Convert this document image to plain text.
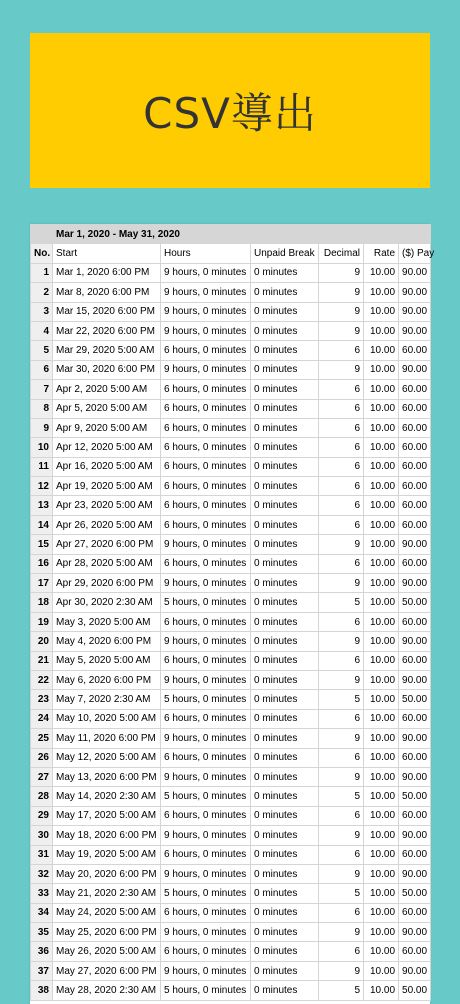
CSV導出
	Mar 1, 2020 - May 31, 2020					
No.	Start	Hours	Unpaid Break	Decimal	Rate	($) Pay
1	Mar 1, 2020 6:00 PM	9 hours, 0 minutes	0 minutes	9	10.00	90.00
2	Mar 8, 2020 6:00 PM	9 hours, 0 minutes	0 minutes	9	10.00	90.00
3	Mar 15, 2020 6:00 PM	9 hours, 0 minutes	0 minutes	9	10.00	90.00
4	Mar 22, 2020 6:00 PM	9 hours, 0 minutes	0 minutes	9	10.00	90.00
5	Mar 29, 2020 5:00 AM	6 hours, 0 minutes	0 minutes	6	10.00	60.00
6	Mar 30, 2020 6:00 PM	9 hours, 0 minutes	0 minutes	9	10.00	90.00
7	Apr 2, 2020 5:00 AM	6 hours, 0 minutes	0 minutes	6	10.00	60.00
8	Apr 5, 2020 5:00 AM	6 hours, 0 minutes	0 minutes	6	10.00	60.00
9	Apr 9, 2020 5:00 AM	6 hours, 0 minutes	0 minutes	6	10.00	60.00
10	Apr 12, 2020 5:00 AM	6 hours, 0 minutes	0 minutes	6	10.00	60.00
11	Apr 16, 2020 5:00 AM	6 hours, 0 minutes	0 minutes	6	10.00	60.00
12	Apr 19, 2020 5:00 AM	6 hours, 0 minutes	0 minutes	6	10.00	60.00
13	Apr 23, 2020 5:00 AM	6 hours, 0 minutes	0 minutes	6	10.00	60.00
14	Apr 26, 2020 5:00 AM	6 hours, 0 minutes	0 minutes	6	10.00	60.00
15	Apr 27, 2020 6:00 PM	9 hours, 0 minutes	0 minutes	9	10.00	90.00
16	Apr 28, 2020 5:00 AM	6 hours, 0 minutes	0 minutes	6	10.00	60.00
17	Apr 29, 2020 6:00 PM	9 hours, 0 minutes	0 minutes	9	10.00	90.00
18	Apr 30, 2020 2:30 AM	5 hours, 0 minutes	0 minutes	5	10.00	50.00
19	May 3, 2020 5:00 AM	6 hours, 0 minutes	0 minutes	6	10.00	60.00
20	May 4, 2020 6:00 PM	9 hours, 0 minutes	0 minutes	9	10.00	90.00
21	May 5, 2020 5:00 AM	6 hours, 0 minutes	0 minutes	6	10.00	60.00
22	May 6, 2020 6:00 PM	9 hours, 0 minutes	0 minutes	9	10.00	90.00
23	May 7, 2020 2:30 AM	5 hours, 0 minutes	0 minutes	5	10.00	50.00
24	May 10, 2020 5:00 AM	6 hours, 0 minutes	0 minutes	6	10.00	60.00
25	May 11, 2020 6:00 PM	9 hours, 0 minutes	0 minutes	9	10.00	90.00
26	May 12, 2020 5:00 AM	6 hours, 0 minutes	0 minutes	6	10.00	60.00
27	May 13, 2020 6:00 PM	9 hours, 0 minutes	0 minutes	9	10.00	90.00
28	May 14, 2020 2:30 AM	5 hours, 0 minutes	0 minutes	5	10.00	50.00
29	May 17, 2020 5:00 AM	6 hours, 0 minutes	0 minutes	6	10.00	60.00
30	May 18, 2020 6:00 PM	9 hours, 0 minutes	0 minutes	9	10.00	90.00
31	May 19, 2020 5:00 AM	6 hours, 0 minutes	0 minutes	6	10.00	60.00
32	May 20, 2020 6:00 PM	9 hours, 0 minutes	0 minutes	9	10.00	90.00
33	May 21, 2020 2:30 AM	5 hours, 0 minutes	0 minutes	5	10.00	50.00
34	May 24, 2020 5:00 AM	6 hours, 0 minutes	0 minutes	6	10.00	60.00
35	May 25, 2020 6:00 PM	9 hours, 0 minutes	0 minutes	9	10.00	90.00
36	May 26, 2020 5:00 AM	6 hours, 0 minutes	0 minutes	6	10.00	60.00
37	May 27, 2020 6:00 PM	9 hours, 0 minutes	0 minutes	9	10.00	90.00
38	May 28, 2020 2:30 AM	5 hours, 0 minutes	0 minutes	5	10.00	50.00
